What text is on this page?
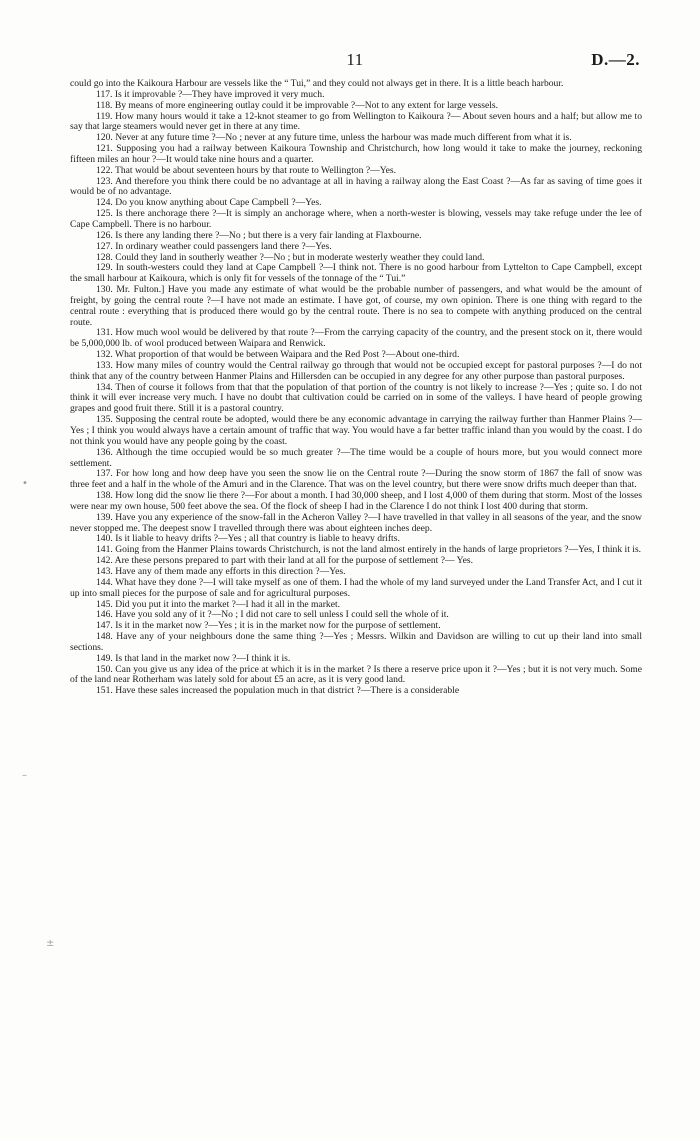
11	D.—2.

could go into the Kaikoura Harbour are vessels like the “ Tui,” and they could not always get in there. It is a little beach harbour.

117. Is it improvable ?—They have improved it very much.

118. By means of more engineering outlay could it be improvable ?—Not to any extent for large vessels.

119. How many hours would it take a 12-knot steamer to go from Wellington to Kaikoura ?— About seven hours and a half; but allow me to say that large steamers would never get in there at any time.

120. Never at any future time ?—No ; never at any future time, unless the harbour was made much different from what it is.

121. Supposing you had a railway between Kaikoura Township and Christchurch, how long would it take to make the journey, reckoning fifteen miles an hour ?—It would take nine hours and a quarter.

122. That would be about seventeen hours by that route to Wellington ?—Yes.

123. And therefore you think there could be no advantage at all in having a railway along the East Coast ?—As far as saving of time goes it would be of no advantage.

124. Do you know anything about Cape Campbell ?—Yes.

125. Is there anchorage there ?—It is simply an anchorage where, when a north-wester is blowing, vessels may take refuge under the lee of Cape Campbell. There is no harbour.

126. Is there any landing there ?—No ; but there is a very fair landing at Flaxbourne.

127. In ordinary weather could passengers land there ?—Yes.

128. Could they land in southerly weather ?—No ; but in moderate westerly weather they could land.

129. In south-westers could they land at Cape Campbell ?—I think not. There is no good harbour from Lyttelton to Cape Campbell, except the small harbour at Kaikoura, which is only fit for vessels of the tonnage of the “ Tui.”

130. Mr. Fulton.] Have you made any estimate of what would be the probable number of passengers, and what would be the amount of freight, by going the central route ?—I have not made an estimate. I have got, of course, my own opinion. There is one thing with regard to the central route : everything that is produced there would go by the central route. There is no sea to compete with anything produced on the central route.

131. How much wool would be delivered by that route ?—From the carrying capacity of the country, and the present stock on it, there would be 5,000,000 lb. of wool produced between Waipara and Renwick.

132. What proportion of that would be between Waipara and the Red Post ?—About one-third.

133. How many miles of country would the Central railway go through that would not be occupied except for pastoral purposes ?—I do not think that any of the country between Hanmer Plains and Hillersden can be occupied in any degree for any other purpose than pastoral purposes.

134. Then of course it follows from that that the population of that portion of the country is not likely to increase ?—Yes ; quite so. I do not think it will ever increase very much. I have no doubt that cultivation could be carried on in some of the valleys. I have heard of people growing grapes and good fruit there. Still it is a pastoral country.

135. Supposing the central route be adopted, would there be any economic advantage in carrying the railway further than Hanmer Plains ?—Yes ; I think you would always have a certain amount of traffic that way. You would have a far better traffic inland than you would by the coast. I do not think you would have any people going by the coast.

136. Although the time occupied would be so much greater ?—The time would be a couple of hours more, but you would connect more settlement.

137. For how long and how deep have you seen the snow lie on the Central route ?—During the snow storm of 1867 the fall of snow was three feet and a half in the whole of the Amuri and in the Clarence. That was on the level country, but there were snow drifts much deeper than that.

138. How long did the snow lie there ?—For about a month. I had 30,000 sheep, and I lost 4,000 of them during that storm. Most of the losses were near my own house, 500 feet above the sea. Of the flock of sheep I had in the Clarence I do not think I lost 400 during that storm.

139. Have you any experience of the snow-fall in the Acheron Valley ?—I have travelled in that valley in all seasons of the year, and the snow never stopped me. The deepest snow I travelled through there was about eighteen inches deep.

140. Is it liable to heavy drifts ?—Yes ; all that country is liable to heavy drifts.

141. Going from the Hanmer Plains towards Christchurch, is not the land almost entirely in the hands of large proprietors ?—Yes, I think it is.

142. Are these persons prepared to part with their land at all for the purpose of settlement ?— Yes.

143. Have any of them made any efforts in this direction ?—Yes.

144. What have they done ?—I will take myself as one of them. I had the whole of my land surveyed under the Land Transfer Act, and I cut it up into small pieces for the purpose of sale and for agricultural purposes.

145. Did you put it into the market ?—I had it all in the market.

146. Have you sold any of it ?—No ; I did not care to sell unless I could sell the whole of it.

147. Is it in the market now ?—Yes ; it is in the market now for the purpose of settlement.

148. Have any of your neighbours done the same thing ?—Yes ; Messrs. Wilkin and Davidson are willing to cut up their land into small sections.

149. Is that land in the market now ?—I think it is.

150. Can you give us any idea of the price at which it is in the market ? Is there a reserve price upon it ?—Yes ; but it is not very much. Some of the land near Rotherham was lately sold for about £5 an acre, as it is very good land.

151. Have these sales increased the population much in that district ?—There is a considerable

•
–
±
